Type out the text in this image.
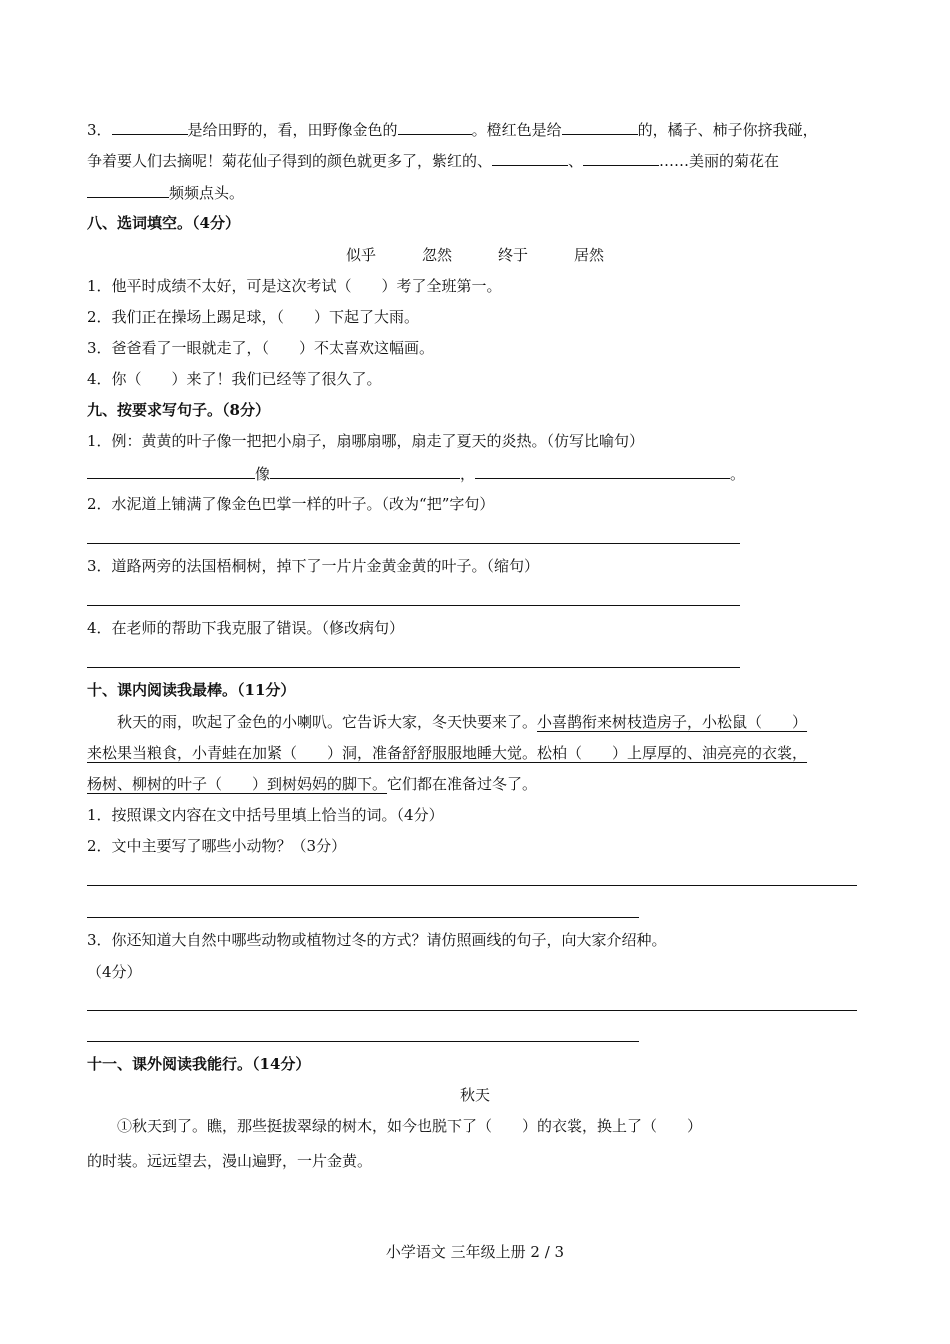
3．	是给田野的，看，田野像金色的	。橙红色是给	的，橘子、柿子你挤我碰，
争着要人们去摘呢！菊花仙子得到的颜色就更多了，紫红的、	、	……美丽的菊花在
频频点头。
八、选词填空。（4分）
似乎	忽然	终于	居然
1．他平时成绩不太好，可是这次考试（　　）考了全班第一。
2．我们正在操场上踢足球，（　　）下起了大雨。
3．爸爸看了一眼就走了，（　　）不太喜欢这幅画。
4．你（　　）来了！我们已经等了很久了。
九、按要求写句子。（8分）
1．例：黄黄的叶子像一把把小扇子，扇哪扇哪，扇走了夏天的炎热。（仿写比喻句）
像	，	。
2．水泥道上铺满了像金色巴掌一样的叶子。（改为“把”字句）
3．道路两旁的法国梧桐树，掉下了一片片金黄金黄的叶子。（缩句）
4．在老师的帮助下我克服了错误。（修改病句）
十、课内阅读我最棒。（11分）
秋天的雨，吹起了金色的小喇叭。它告诉大家，冬天快要来了。小喜鹊衔来树枝造房子，小松鼠（　　）
来松果当粮食，小青蛙在加紧（　　）洞，准备舒舒服服地睡大觉。松柏（　　）上厚厚的、油亮亮的衣裳，
杨树、柳树的叶子（　　）到树妈妈的脚下。它们都在准备过冬了。
1．按照课文内容在文中括号里填上恰当的词。（4分）
2．文中主要写了哪些小动物？（3分）
3．你还知道大自然中哪些动物或植物过冬的方式？请仿照画线的句子，向大家介绍种。
（4分）
十一、课外阅读我能行。（14分）
秋天
①秋天到了。瞧，那些挺拔翠绿的树木，如今也脱下了（　　）的衣裳，换上了（　　）
的时装。远远望去，漫山遍野，一片金黄。
小学语文 三年级上册 2 / 3
